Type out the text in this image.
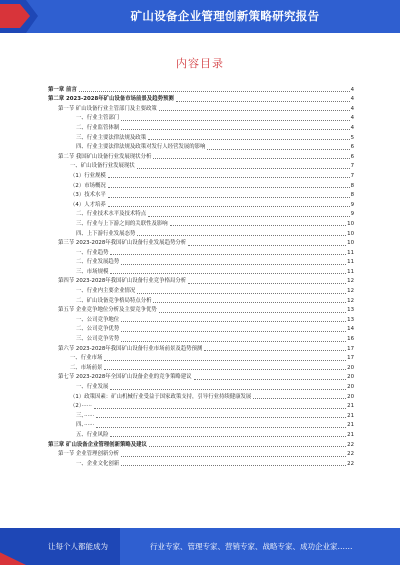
矿山设备企业管理创新策略研究报告
内容目录
第一章 前言	4
第二章 2023-2028年矿山设备市场前景及趋势预测	4
第一节 矿山设备行业主管部门及主要政策	4
一、行业主管部门	4
二、行业监管体制	4
三、行业主要法律法规及政策	5
四、行业主要法律法规及政策对发行人经营发展的影响	6
第二节 我国矿山设备行业发展现状分析	6
一、矿山设备行业发展现状	7
（1）行业规模	7
（2）市场概况	8
（3）技术水平	8
（4）人才培养	9
二、行业技术水平及技术特点	9
三、行业与上下游之间的关联性及影响	10
四、上下游行业发展态势	10
第三节 2023-2028年我国矿山设备行业发展趋势分析	10
一、行业趋势	11
二、行业发展趋势	11
三、市场规模	11
第四节 2023-2028年我国矿山设备行业竞争格局分析	12
一、行业内主要企业情况	12
二、矿山设备竞争格局特点分析	12
第五节 企业竞争地位分析及主要竞争优势	13
一、公司竞争地位	13
二、公司竞争优势	14
三、公司竞争劣势	16
第六节 2023-2028年我国矿山设备行业市场前景及趋势预测	17
一、行业市场	17
二、市场前景	20
第七节 2023-2028年全国矿山设备企业的竞争策略建议	20
一、行业发展	20
（1）政策因素：矿山机械行业受益于国家政策支持，引导行业持续健康发展	20
（2）······	21
三、······	21
四、······	21
五、行业风险	21
第三章 矿山设备企业管理创新策略及建议	22
第一节 企业管理创新分析	22
一、企业文化创新	22
让每个人都能成为	行业专家、管理专家、营销专家、战略专家、成功企业家……
